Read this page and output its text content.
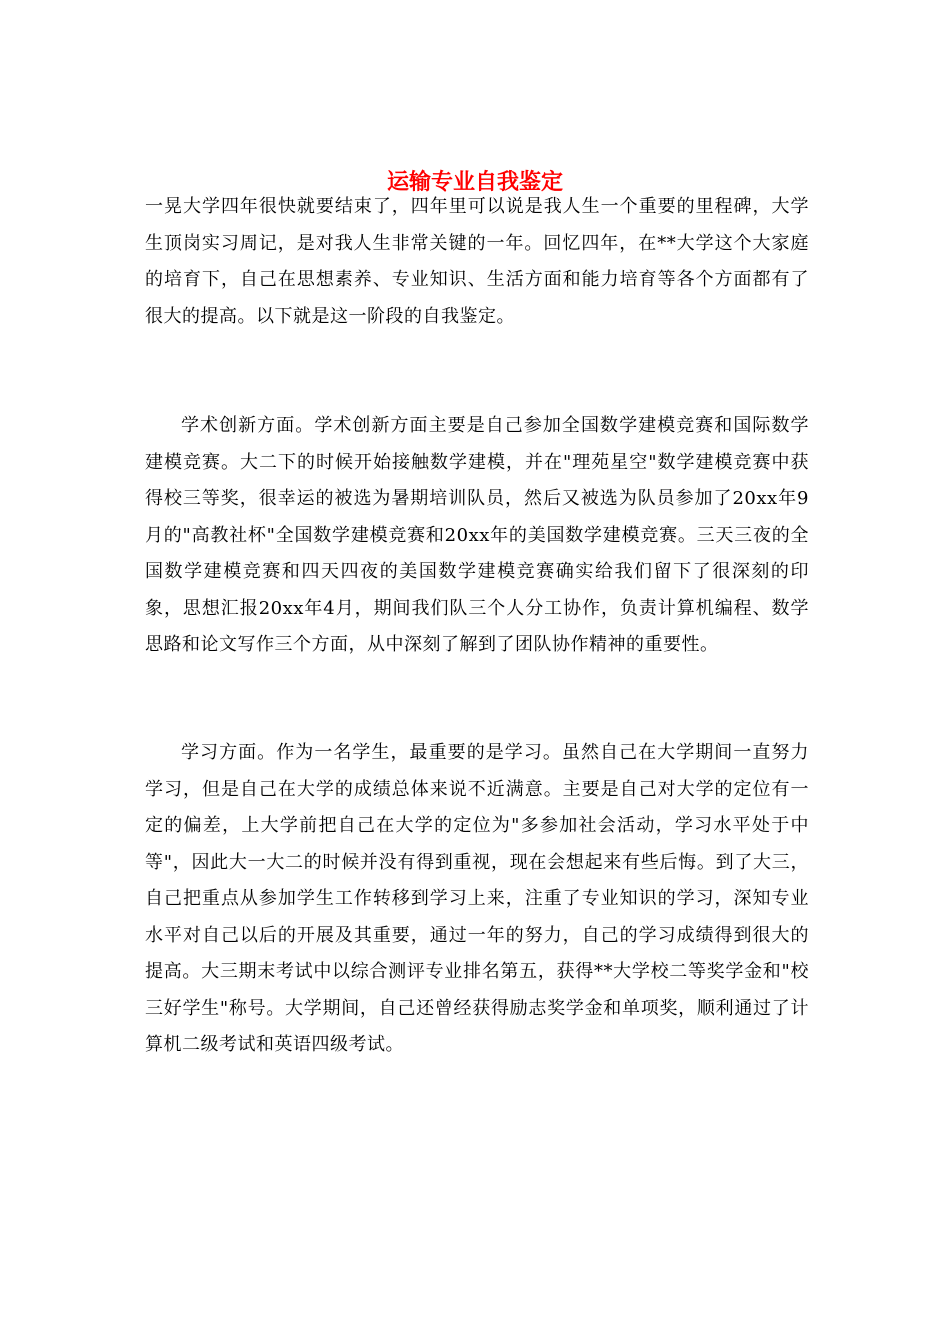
运输专业自我鉴定

一晃大学四年很快就要结束了，四年里可以说是我人生一个重要的里程碑，大学生顶岗实习周记，是对我人生非常关键的一年。回忆四年，在**大学这个大家庭的培育下，自己在思想素养、专业知识、生活方面和能力培育等各个方面都有了很大的提高。以下就是这一阶段的自我鉴定。

学术创新方面。学术创新方面主要是自己参加全国数学建模竞赛和国际数学建模竞赛。大二下的时候开始接触数学建模，并在"理苑星空"数学建模竞赛中获得校三等奖，很幸运的被选为暑期培训队员，然后又被选为队员参加了20xx年9月的"高教社杯"全国数学建模竞赛和20xx年的美国数学建模竞赛。三天三夜的全国数学建模竞赛和四天四夜的美国数学建模竞赛确实给我们留下了很深刻的印象，思想汇报20xx年4月，期间我们队三个人分工协作，负责计算机编程、数学思路和论文写作三个方面，从中深刻了解到了团队协作精神的重要性。

学习方面。作为一名学生，最重要的是学习。虽然自己在大学期间一直努力学习，但是自己在大学的成绩总体来说不近满意。主要是自己对大学的定位有一定的偏差，上大学前把自己在大学的定位为"多参加社会活动，学习水平处于中等"，因此大一大二的时候并没有得到重视，现在会想起来有些后悔。到了大三，自己把重点从参加学生工作转移到学习上来，注重了专业知识的学习，深知专业水平对自己以后的开展及其重要，通过一年的努力，自己的学习成绩得到很大的提高。大三期末考试中以综合测评专业排名第五，获得**大学校二等奖学金和"校三好学生"称号。大学期间，自己还曾经获得励志奖学金和单项奖，顺利通过了计算机二级考试和英语四级考试。
